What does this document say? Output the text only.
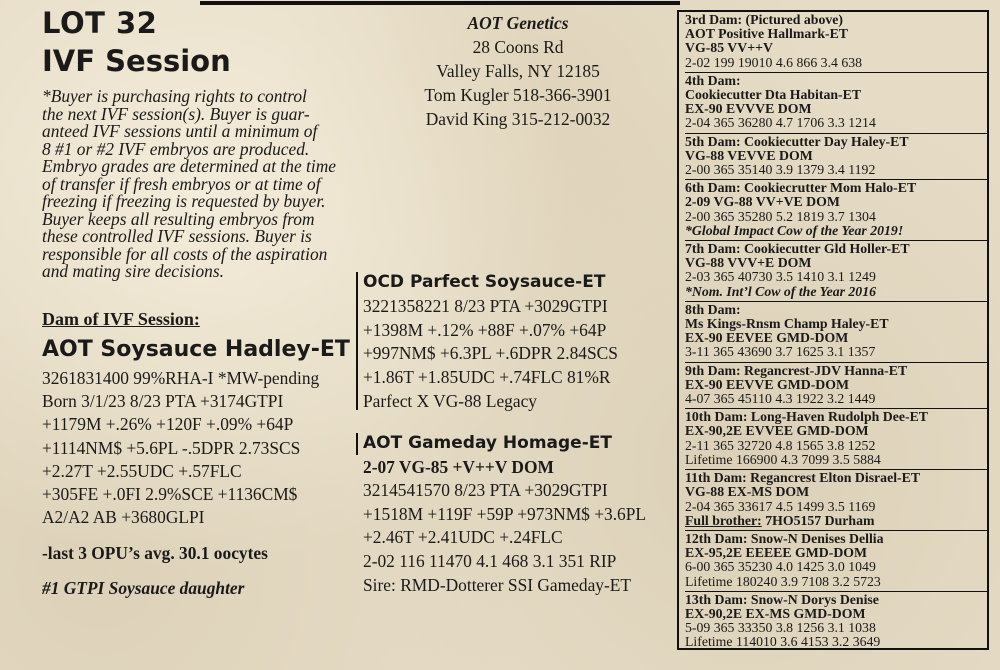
LOT 32
IVF Session
*Buyer is purchasing rights to control
the next IVF session(s). Buyer is guar-
anteed IVF sessions until a minimum of
8 #1 or #2 IVF embryos are produced.
Embryo grades are determined at the time
of transfer if fresh embryos or at time of
freezing if freezing is requested by buyer.
Buyer keeps all resulting embryos from
these controlled IVF sessions. Buyer is
responsible for all costs of the aspiration
and mating sire decisions.
Dam of IVF Session:
AOT Soysauce Hadley-ET
3261831400 99%RHA-I *MW-pending
Born 3/1/23 8/23 PTA +3174GTPI
+1179M +.26% +120F +.09% +64P
+1114NM$ +5.6PL -.5DPR 2.73SCS
+2.27T +2.55UDC +.57FLC
+305FE +.0FI 2.9%SCE +1136CM$
A2/A2 AB +3680GLPI
-last 3 OPU’s avg. 30.1 oocytes
#1 GTPI Soysauce daughter
AOT Genetics
28 Coons Rd
Valley Falls, NY 12185
Tom Kugler 518-366-3901
David King 315-212-0032
OCD Parfect Soysauce-ET
3221358221 8/23 PTA +3029GTPI
+1398M +.12% +88F +.07% +64P
+997NM$ +6.3PL +.6DPR 2.84SCS
+1.86T +1.85UDC +.74FLC 81%R
Parfect X VG-88 Legacy
AOT Gameday Homage-ET
2-07 VG-85 +V++V DOM
3214541570 8/23 PTA +3029GTPI
+1518M +119F +59P +973NM$ +3.6PL
+2.46T +2.41UDC +.24FLC
2-02 116 11470 4.1 468 3.1 351 RIP
Sire: RMD-Dotterer SSI Gameday-ET
3rd Dam: (Pictured above)
AOT Positive Hallmark-ET
VG-85 VV++V
2-02 199 19010 4.6 866 3.4 638
4th Dam:
Cookiecutter Dta Habitan-ET
EX-90 EVVVE DOM
2-04 365 36280 4.7 1706 3.3 1214
5th Dam: Cookiecutter Day Haley-ET
VG-88 VEVVE DOM
2-00 365 35140 3.9 1379 3.4 1192
6th Dam: Cookiecrutter Mom Halo-ET
2-09 VG-88 VV+VE DOM
2-00 365 35280 5.2 1819 3.7 1304
*Global Impact Cow of the Year 2019!
7th Dam: Cookiecutter Gld Holler-ET
VG-88 VVV+E DOM
2-03 365 40730 3.5 1410 3.1 1249
*Nom. Int’l Cow of the Year 2016
8th Dam:
Ms Kings-Rnsm Champ Haley-ET
EX-90 EEVEE GMD-DOM
3-11 365 43690 3.7 1625 3.1 1357
9th Dam: Regancrest-JDV Hanna-ET
EX-90 EEVVE GMD-DOM
4-07 365 45110 4.3 1922 3.2 1449
10th Dam: Long-Haven Rudolph Dee-ET
EX-90,2E EVVEE GMD-DOM
2-11 365 32720 4.8 1565 3.8 1252
Lifetime 166900 4.3 7099 3.5 5884
11th Dam: Regancrest Elton Disrael-ET
VG-88 EX-MS DOM
2-04 365 33617 4.5 1499 3.5 1169
Full brother: 7HO5157 Durham
12th Dam: Snow-N Denises Dellia
EX-95,2E EEEEE GMD-DOM
6-00 365 35230 4.0 1425 3.0 1049
Lifetime 180240 3.9 7108 3.2 5723
13th Dam: Snow-N Dorys Denise
EX-90,2E EX-MS GMD-DOM
5-09 365 33350 3.8 1256 3.1 1038
Lifetime 114010 3.6 4153 3.2 3649
